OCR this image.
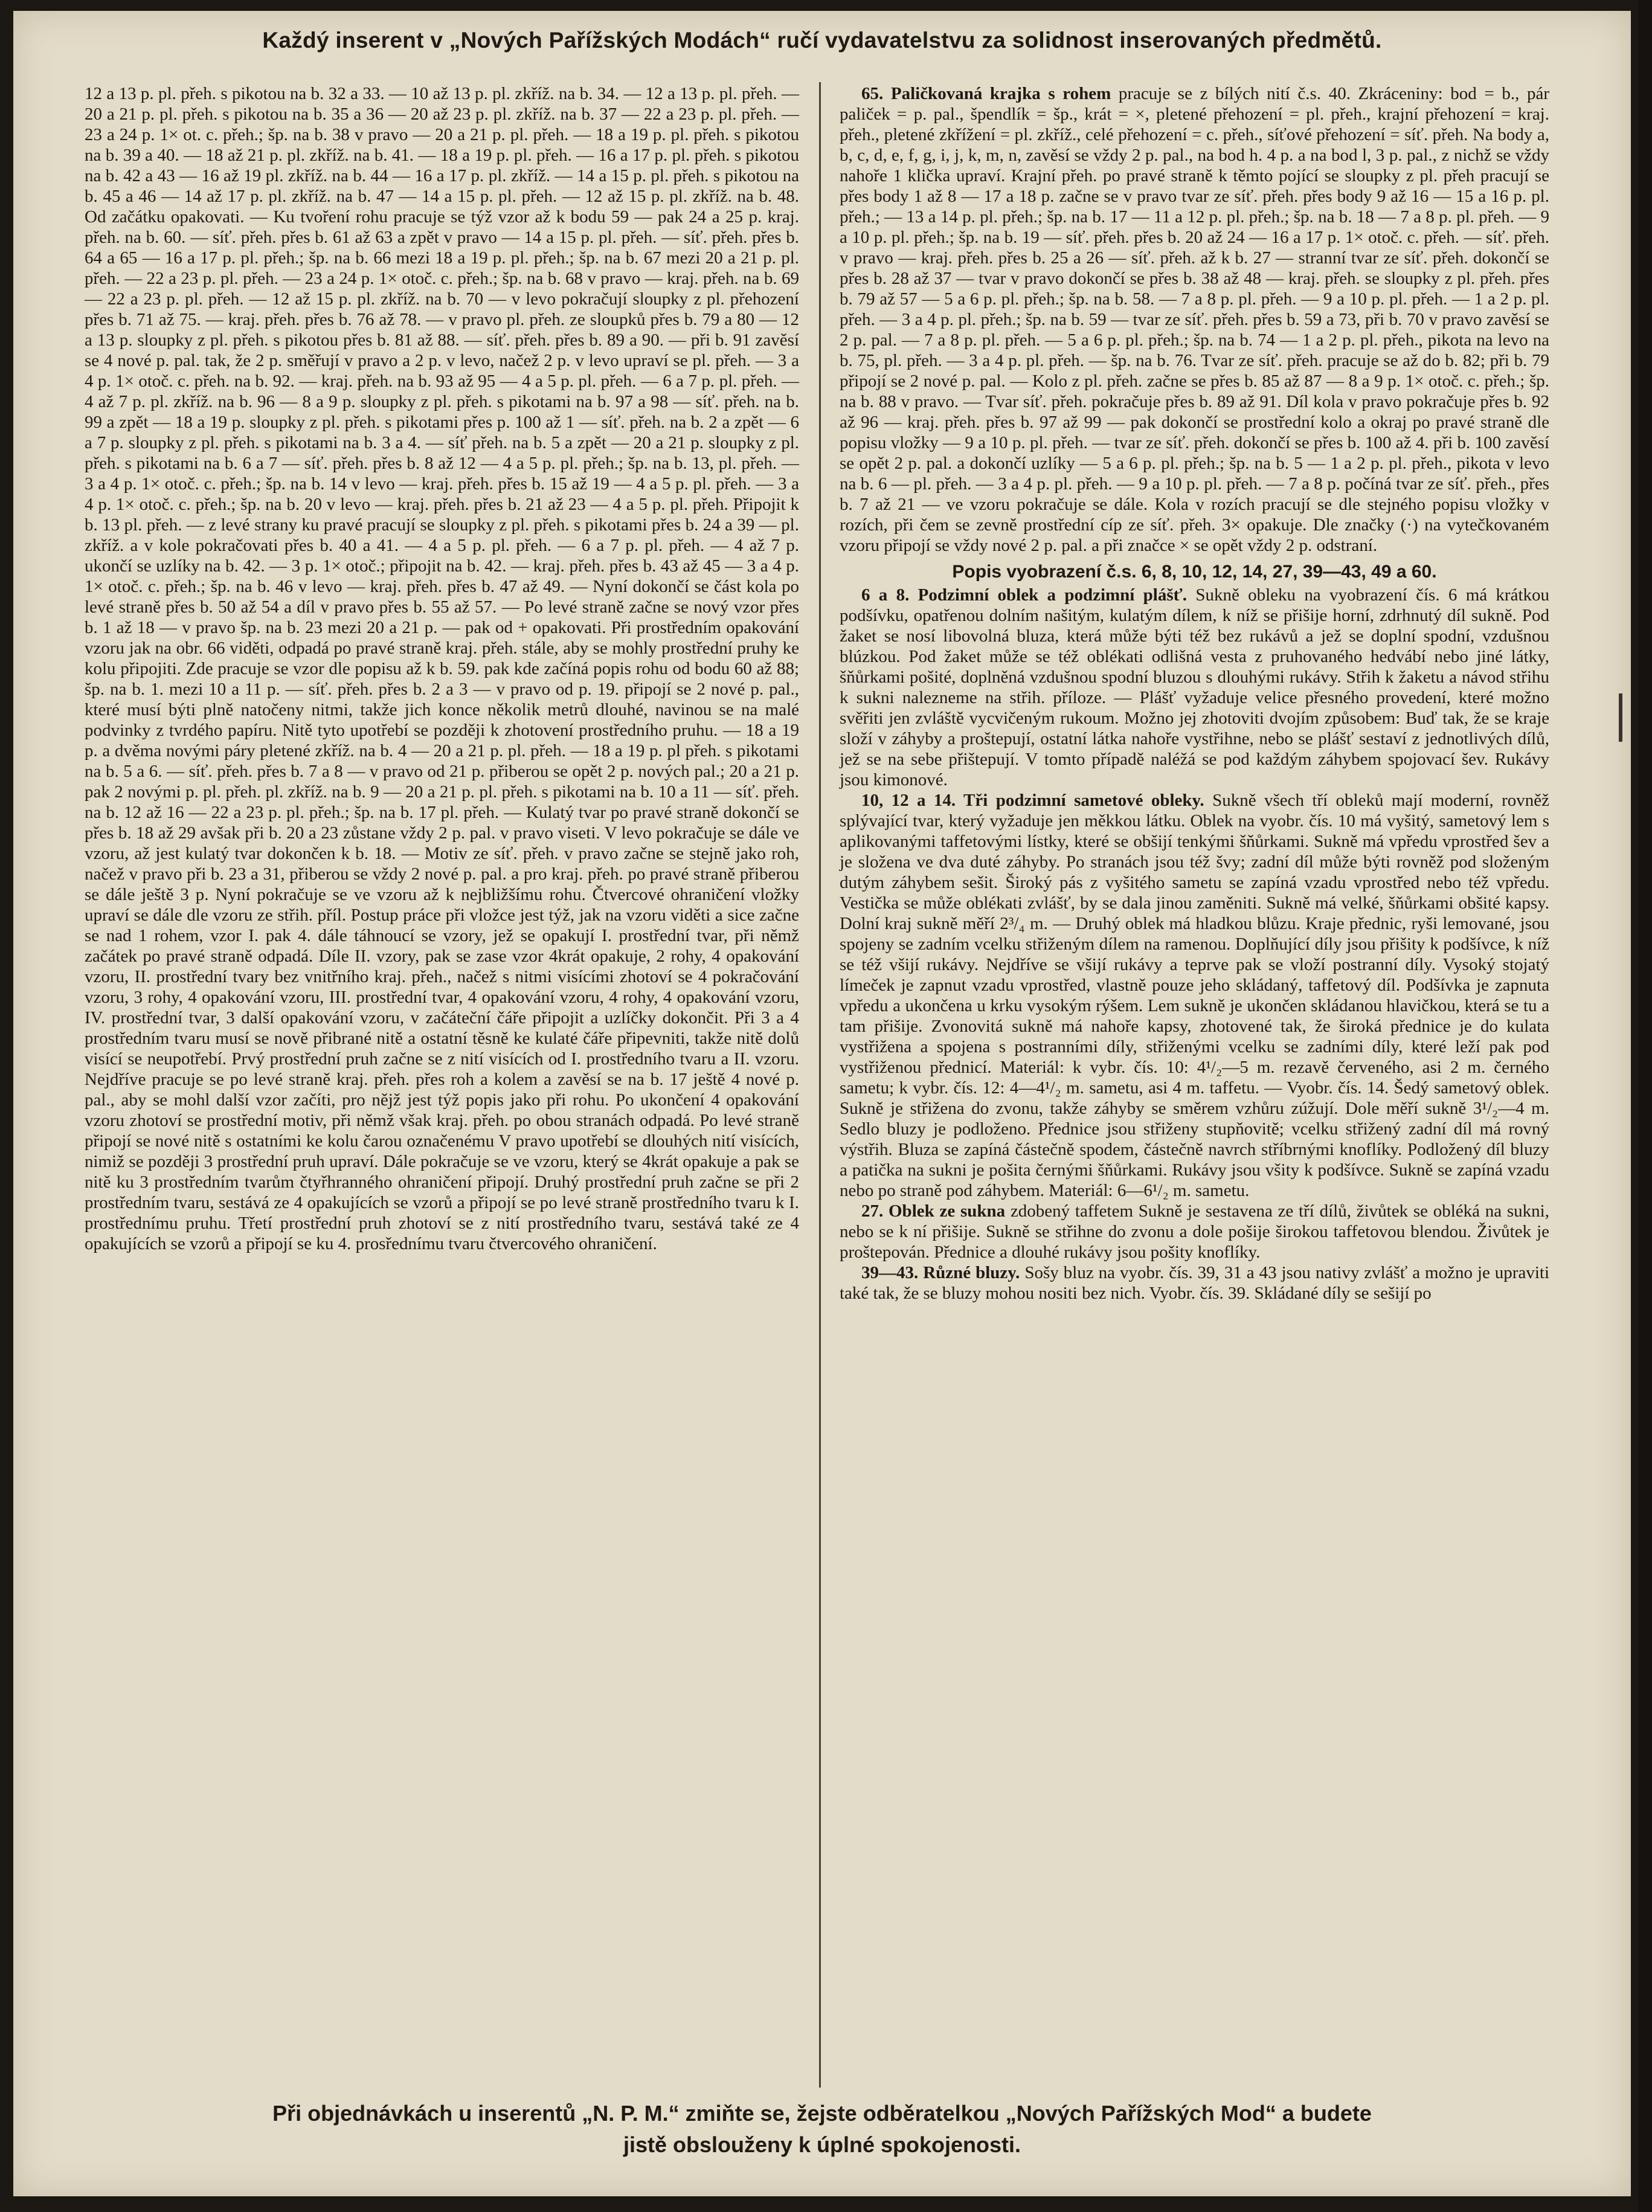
Každý inserent v „Nových Pařížských Modách“ ručí vydavatelstvu za solidnost inserovaných předmětů.

12 a 13 p. pl. přeh. s pikotou na b. 32 a 33. — 10 až 13 p. pl. zkříž. na b. 34. — 12 a 13 p. pl. přeh. — 20 a 21 p. pl. přeh. s pikotou na b. 35 a 36 — 20 až 23 p. pl. zkříž. na b. 37 — 22 a 23 p. pl. přeh. — 23 a 24 p. 1× ot. c. přeh.; šp. na b. 38 v pravo — 20 a 21 p. pl. přeh. — 18 a 19 p. pl. přeh. s pikotou na b. 39 a 40. — 18 až 21 p. pl. zkříž. na b. 41. — 18 a 19 p. pl. přeh. — 16 a 17 p. pl. přeh. s pikotou na b. 42 a 43 — 16 až 19 pl. zkříž. na b. 44 — 16 a 17 p. pl. zkříž. — 14 a 15 p. pl. přeh. s pikotou na b. 45 a 46 — 14 až 17 p. pl. zkříž. na b. 47 — 14 a 15 p. pl. přeh. — 12 až 15 p. pl. zkříž. na b. 48. Od začátku opakovati. — Ku tvoření rohu pracuje se týž vzor až k bodu 59 — pak 24 a 25 p. kraj. přeh. na b. 60. — síť. přeh. přes b. 61 až 63 a zpět v pravo — 14 a 15 p. pl. přeh. — síť. přeh. přes b. 64 a 65 — 16 a 17 p. pl. přeh.; šp. na b. 66 mezi 18 a 19 p. pl. přeh.; šp. na b. 67 mezi 20 a 21 p. pl. přeh. — 22 a 23 p. pl. přeh. — 23 a 24 p. 1× otoč. c. přeh.; šp. na b. 68 v pravo — kraj. přeh. na b. 69 — 22 a 23 p. pl. přeh. — 12 až 15 p. pl. zkříž. na b. 70 — v levo pokračují sloupky z pl. přehození přes b. 71 až 75. — kraj. přeh. přes b. 76 až 78. — v pravo pl. přeh. ze sloupků přes b. 79 a 80 — 12 a 13 p. sloupky z pl. přeh. s pikotou přes b. 81 až 88. — síť. přeh. přes b. 89 a 90. — při b. 91 zavěsí se 4 nové p. pal. tak, že 2 p. směřují v pravo a 2 p. v levo, načež 2 p. v levo upraví se pl. přeh. — 3 a 4 p. 1× otoč. c. přeh. na b. 92. — kraj. přeh. na b. 93 až 95 — 4 a 5 p. pl. přeh. — 6 a 7 p. pl. přeh. — 4 až 7 p. pl. zkříž. na b. 96 — 8 a 9 p. sloupky z pl. přeh. s pikotami na b. 97 a 98 — síť. přeh. na b. 99 a zpět — 18 a 19 p. sloupky z pl. přeh. s pikotami přes p. 100 až 1 — síť. přeh. na b. 2 a zpět — 6 a 7 p. sloupky z pl. přeh. s pikotami na b. 3 a 4. — síť přeh. na b. 5 a zpět — 20 a 21 p. sloupky z pl. přeh. s pikotami na b. 6 a 7 — síť. přeh. přes b. 8 až 12 — 4 a 5 p. pl. přeh.; šp. na b. 13, pl. přeh. — 3 a 4 p. 1× otoč. c. přeh.; šp. na b. 14 v levo — kraj. přeh. přes b. 15 až 19 — 4 a 5 p. pl. přeh. — 3 a 4 p. 1× otoč. c. přeh.; šp. na b. 20 v levo — kraj. přeh. přes b. 21 až 23 — 4 a 5 p. pl. přeh. Připojit k b. 13 pl. přeh. — z levé strany ku pravé pracují se sloupky z pl. přeh. s pikotami přes b. 24 a 39 — pl. zkříž. a v kole pokračovati přes b. 40 a 41. — 4 a 5 p. pl. přeh. — 6 a 7 p. pl. přeh. — 4 až 7 p. ukončí se uzlíky na b. 42. — 3 p. 1× otoč.; připojit na b. 42. — kraj. přeh. přes b. 43 až 45 — 3 a 4 p. 1× otoč. c. přeh.; šp. na b. 46 v levo — kraj. přeh. přes b. 47 až 49. — Nyní dokončí se část kola po levé straně přes b. 50 až 54 a díl v pravo přes b. 55 až 57. — Po levé straně začne se nový vzor přes b. 1 až 18 — v pravo šp. na b. 23 mezi 20 a 21 p. — pak od + opakovati. Při prostředním opakování vzoru jak na obr. 66 viděti, odpadá po pravé straně kraj. přeh. stále, aby se mohly prostřední pruhy ke kolu připojiti. Zde pracuje se vzor dle popisu až k b. 59. pak kde začíná popis rohu od bodu 60 až 88; šp. na b. 1. mezi 10 a 11 p. — síť. přeh. přes b. 2 a 3 — v pravo od p. 19. připojí se 2 nové p. pal., které musí býti plně natočeny nitmi, takže jich konce několik metrů dlouhé, navinou se na malé podvinky z tvrdého papíru. Nitě tyto upotřebí se později k zhotovení prostředního pruhu. — 18 a 19 p. a dvěma novými páry pletené zkříž. na b. 4 — 20 a 21 p. pl. přeh. — 18 a 19 p. pl přeh. s pikotami na b. 5 a 6. — síť. přeh. přes b. 7 a 8 — v pravo od 21 p. přiberou se opět 2 p. nových pal.; 20 a 21 p. pak 2 novými p. pl. přeh. pl. zkříž. na b. 9 — 20 a 21 p. pl. přeh. s pikotami na b. 10 a 11 — síť. přeh. na b. 12 až 16 — 22 a 23 p. pl. přeh.; šp. na b. 17 pl. přeh. — Kulatý tvar po pravé straně dokončí se přes b. 18 až 29 avšak při b. 20 a 23 zůstane vždy 2 p. pal. v pravo viseti. V levo pokračuje se dále ve vzoru, až jest kulatý tvar dokončen k b. 18. — Motiv ze síť. přeh. v pravo začne se stejně jako roh, načež v pravo při b. 23 a 31, přiberou se vždy 2 nové p. pal. a pro kraj. přeh. po pravé straně přiberou se dále ještě 3 p. Nyní pokračuje se ve vzoru až k nejbližšímu rohu. Čtvercové ohraničení vložky upraví se dále dle vzoru ze střih. příl. Postup práce při vložce jest týž, jak na vzoru viděti a sice začne se nad 1 rohem, vzor I. pak 4. dále táhnoucí se vzory, jež se opakují I. prostřední tvar, při němž začátek po pravé straně odpadá. Díle II. vzory, pak se zase vzor 4krát opakuje, 2 rohy, 4 opakování vzoru, II. prostřední tvary bez vnitřního kraj. přeh., načež s nitmi visícími zhotoví se 4 pokračování vzoru, 3 rohy, 4 opakování vzoru, III. prostřední tvar, 4 opakování vzoru, 4 rohy, 4 opakování vzoru, IV. prostřední tvar, 3 další opakování vzoru, v začáteční čáře připojit a uzlíčky dokončit. Při 3 a 4 prostředním tvaru musí se nově přibrané nitě a ostatní těsně ke kulaté čáře připevniti, takže nitě dolů visící se neupotřebí. Prvý prostřední pruh začne se z nití visících od I. prostředního tvaru a II. vzoru. Nejdříve pracuje se po levé straně kraj. přeh. přes roh a kolem a zavěsí se na b. 17 ještě 4 nové p. pal., aby se mohl další vzor začíti, pro nějž jest týž popis jako při rohu. Po ukončení 4 opakování vzoru zhotoví se prostřední motiv, při němž však kraj. přeh. po obou stranách odpadá. Po levé straně připojí se nové nitě s ostatními ke kolu čarou označenému V pravo upotřebí se dlouhých nití visících, nimiž se později 3 prostřední pruh upraví. Dále pokračuje se ve vzoru, který se 4krát opakuje a pak se nitě ku 3 prostředním tvarům čtyřhranného ohraničení připojí. Druhý prostřední pruh začne se při 2 prostředním tvaru, sestává ze 4 opakujících se vzorů a připojí se po levé straně prostředního tvaru k I. prostřednímu pruhu. Třetí prostřední pruh zhotoví se z nití prostředního tvaru, sestává také ze 4 opakujících se vzorů a připojí se ku 4. prosřednímu tvaru čtvercového ohraničení.

65. Paličkovaná krajka s rohem pracuje se z bílých nití č.s. 40. Zkráceniny: bod = b., pár paliček = p. pal., špendlík = šp., krát = ×, pletené přehození = pl. přeh., krajní přehození = kraj. přeh., pletené zkřížení = pl. zkříž., celé přehození = c. přeh., síťové přehození = síť. přeh. Na body a, b, c, d, e, f, g, i, j, k, m, n, zavěsí se vždy 2 p. pal., na bod h. 4 p. a na bod l, 3 p. pal., z nichž se vždy nahoře 1 klička upraví. Krajní přeh. po pravé straně k těmto pojící se sloupky z pl. přeh pracují se přes body 1 až 8 — 17 a 18 p. začne se v pravo tvar ze síť. přeh. přes body 9 až 16 — 15 a 16 p. pl. přeh.; — 13 a 14 p. pl. přeh.; šp. na b. 17 — 11 a 12 p. pl. přeh.; šp. na b. 18 — 7 a 8 p. pl. přeh. — 9 a 10 p. pl. přeh.; šp. na b. 19 — síť. přeh. přes b. 20 až 24 — 16 a 17 p. 1× otoč. c. přeh. — síť. přeh. v pravo — kraj. přeh. přes b. 25 a 26 — síť. přeh. až k b. 27 — stranní tvar ze síť. přeh. dokončí se přes b. 28 až 37 — tvar v pravo dokončí se přes b. 38 až 48 — kraj. přeh. se sloupky z pl. přeh. přes b. 79 až 57 — 5 a 6 p. pl. přeh.; šp. na b. 58. — 7 a 8 p. pl. přeh. — 9 a 10 p. pl. přeh. — 1 a 2 p. pl. přeh. — 3 a 4 p. pl. přeh.; šp. na b. 59 — tvar ze síť. přeh. přes b. 59 a 73, při b. 70 v pravo zavěsí se 2 p. pal. — 7 a 8 p. pl. přeh. — 5 a 6 p. pl. přeh.; šp. na b. 74 — 1 a 2 p. pl. přeh., pikota na levo na b. 75, pl. přeh. — 3 a 4 p. pl. přeh. — šp. na b. 76. Tvar ze síť. přeh. pracuje se až do b. 82; při b. 79 připojí se 2 nové p. pal. — Kolo z pl. přeh. začne se přes b. 85 až 87 — 8 a 9 p. 1× otoč. c. přeh.; šp. na b. 88 v pravo. — Tvar síť. přeh. pokračuje přes b. 89 až 91. Díl kola v pravo pokračuje přes b. 92 až 96 — kraj. přeh. přes b. 97 až 99 — pak dokončí se prostřední kolo a okraj po pravé straně dle popisu vložky — 9 a 10 p. pl. přeh. — tvar ze síť. přeh. dokončí se přes b. 100 až 4. při b. 100 zavěsí se opět 2 p. pal. a dokončí uzlíky — 5 a 6 p. pl. přeh.; šp. na b. 5 — 1 a 2 p. pl. přeh., pikota v levo na b. 6 — pl. přeh. — 3 a 4 p. pl. přeh. — 9 a 10 p. pl. přeh. — 7 a 8 p. počíná tvar ze síť. přeh., přes b. 7 až 21 — ve vzoru pokračuje se dále. Kola v rozích pracují se dle stejného popisu vložky v rozích, při čem se zevně prostřední cíp ze síť. přeh. 3× opakuje. Dle značky (·) na vytečkovaném vzoru připojí se vždy nové 2 p. pal. a při značce × se opět vždy 2 p. odstraní.

Popis vyobrazení č.s. 6, 8, 10, 12, 14, 27, 39—43, 49 a 60.

6 a 8. Podzimní oblek a podzimní plášť. Sukně obleku na vyobrazení čís. 6 má krátkou podšívku, opatřenou dolním našitým, kulatým dílem, k níž se přišije horní, zdrhnutý díl sukně. Pod žaket se nosí libovolná bluza, která může býti též bez rukávů a jež se doplní spodní, vzdušnou blúzkou. Pod žaket může se též oblékati odlišná vesta z pruhovaného hedvábí nebo jiné látky, šňůrkami pošité, doplněná vzdušnou spodní bluzou s dlouhými rukávy. Střih k žaketu a návod střihu k sukni nalezneme na střih. příloze. — Plášť vyžaduje velice přesného provedení, které možno svěřiti jen zvláště vycvičeným rukoum. Možno jej zhotoviti dvojím způsobem: Buď tak, že se kraje složí v záhyby a proštepují, ostatní látka nahoře vystřihne, nebo se plášť sestaví z jednotlivých dílů, jež se na sebe přištepují. V tomto případě naléžá se pod každým záhybem spojovací šev. Rukávy jsou kimonové.

10, 12 a 14. Tři podzimní sametové obleky. Sukně všech tří obleků mají moderní, rovněž splývající tvar, který vyžaduje jen měkkou látku. Oblek na vyobr. čís. 10 má vyšitý, sametový lem s aplikovanými taffetovými lístky, které se obšijí tenkými šňůrkami. Sukně má vpředu vprostřed šev a je složena ve dva duté záhyby. Po stranách jsou též švy; zadní díl může býti rovněž pod složeným dutým záhybem sešit. Široký pás z vyšitého sametu se zapíná vzadu vprostřed nebo též vpředu. Vestička se může oblékati zvlášť, by se dala jinou zaměniti. Sukně má velké, šňůrkami obšité kapsy. Dolní kraj sukně měří 2³/₄ m. — Druhý oblek má hladkou blůzu. Kraje přednic, ryši lemované, jsou spojeny se zadním vcelku střiženým dílem na ramenou. Doplňující díly jsou přišity k podšívce, k níž se též všijí rukávy. Nejdříve se všijí rukávy a teprve pak se vloží postranní díly. Vysoký stojatý límeček je zapnut vzadu vprostřed, vlastně pouze jeho skládaný, taffetový díl. Podšívka je zapnuta vpředu a ukončena u krku vysokým rýšem. Lem sukně je ukončen skládanou hlavičkou, která se tu a tam přišije. Zvonovitá sukně má nahoře kapsy, zhotovené tak, že široká přednice je do kulata vystřižena a spojena s postranními díly, střiženými vcelku se zadními díly, které leží pak pod vystřiženou přednicí. Materiál: k vybr. čís. 10: 4¹/₂—5 m. rezavě červeného, asi 2 m. černého sametu; k vybr. čís. 12: 4—4¹/₂ m. sametu, asi 4 m. taffetu. — Vyobr. čís. 14. Šedý sametový oblek. Sukně je střižena do zvonu, takže záhyby se směrem vzhůru zúžují. Dole měří sukně 3¹/₂—4 m. Sedlo bluzy je podloženo. Přednice jsou střiženy stupňovitě; vcelku střižený zadní díl má rovný výstřih. Bluza se zapíná částečně spodem, částečně navrch stříbrnými knoflíky. Podložený díl bluzy a patička na sukni je pošita černými šňůrkami. Rukávy jsou všity k podšívce. Sukně se zapíná vzadu nebo po straně pod záhybem. Materiál: 6—6¹/₂ m. sametu.

27. Oblek ze sukna zdobený taffetem Sukně je sestavena ze tří dílů, živůtek se obléká na sukni, nebo se k ní přišije. Sukně se střihne do zvonu a dole pošije širokou taffetovou blendou. Živůtek je proštepován. Přednice a dlouhé rukávy jsou pošity knoflíky.

39—43. Různé bluzy. Sošy bluz na vyobr. čís. 39, 31 a 43 jsou nativy zvlášť a možno je upraviti také tak, že se bluzy mohou nositi bez nich. Vyobr. čís. 39. Skládané díly se sešijí po

Při objednávkách u inserentů „N. P. M.“ zmiňte se, žejste odběratelkou „Nových Pařížských Mod“ a budete
jistě obslouženy k úplné spokojenosti.
